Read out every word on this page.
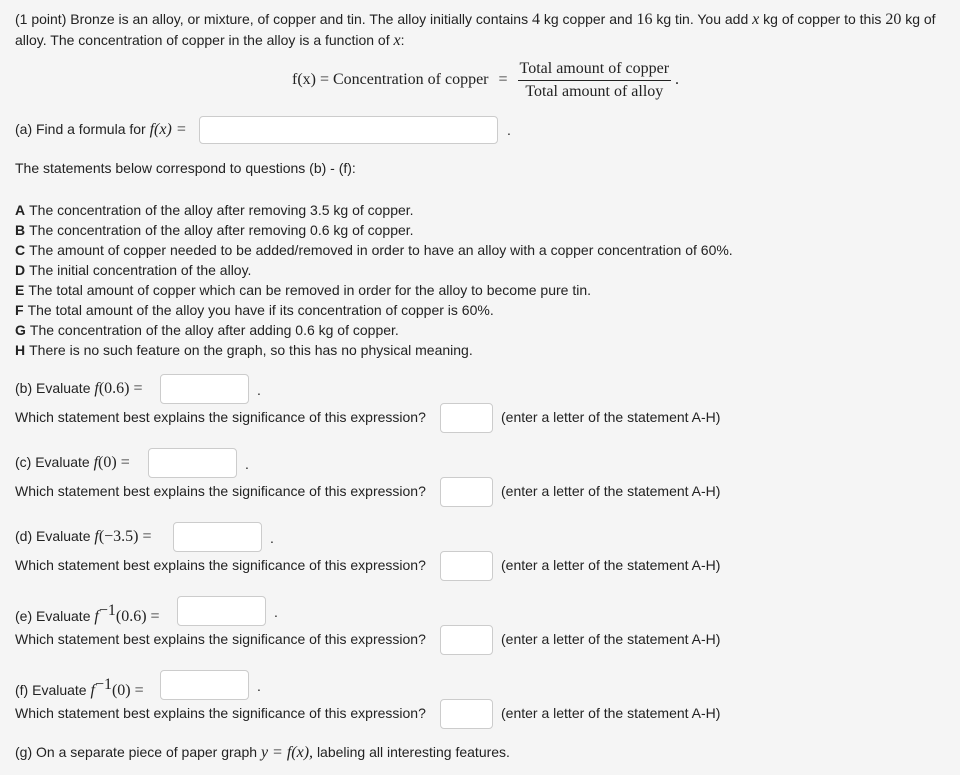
(1 point) Bronze is an alloy, or mixture, of copper and tin. The alloy initially contains 4 kg copper and 16 kg tin. You add x kg of copper to this 20 kg of
alloy. The concentration of copper in the alloy is a function of x:
f(x) = Concentration of copper = $\frac{\text{Total amount of copper}}{\text{Total amount of alloy}}$ .
(a) Find a formula for f(x) =	.
The statements below correspond to questions (b) - (f):
A The concentration of the alloy after removing 3.5 kg of copper.
B The concentration of the alloy after removing 0.6 kg of copper.
C The amount of copper needed to be added/removed in order to have an alloy with a copper concentration of 60%.
D The initial concentration of the alloy.
E The total amount of copper which can be removed in order for the alloy to become pure tin.
F The total amount of the alloy you have if its concentration of copper is 60%.
G The concentration of the alloy after adding 0.6 kg of copper.
H There is no such feature on the graph, so this has no physical meaning.
(b) Evaluate f(0.6) =	.
Which statement best explains the significance of this expression?	(enter a letter of the statement A-H)
(c) Evaluate f(0) =	.
Which statement best explains the significance of this expression?	(enter a letter of the statement A-H)
(d) Evaluate f(−3.5) =	.
Which statement best explains the significance of this expression?	(enter a letter of the statement A-H)
(e) Evaluate $f^{-1}(0.6)$ =	.
Which statement best explains the significance of this expression?	(enter a letter of the statement A-H)
(f) Evaluate $f^{-1}(0)$ =	.
Which statement best explains the significance of this expression?	(enter a letter of the statement A-H)
(g) On a separate piece of paper graph y = f(x), labeling all interesting features.
